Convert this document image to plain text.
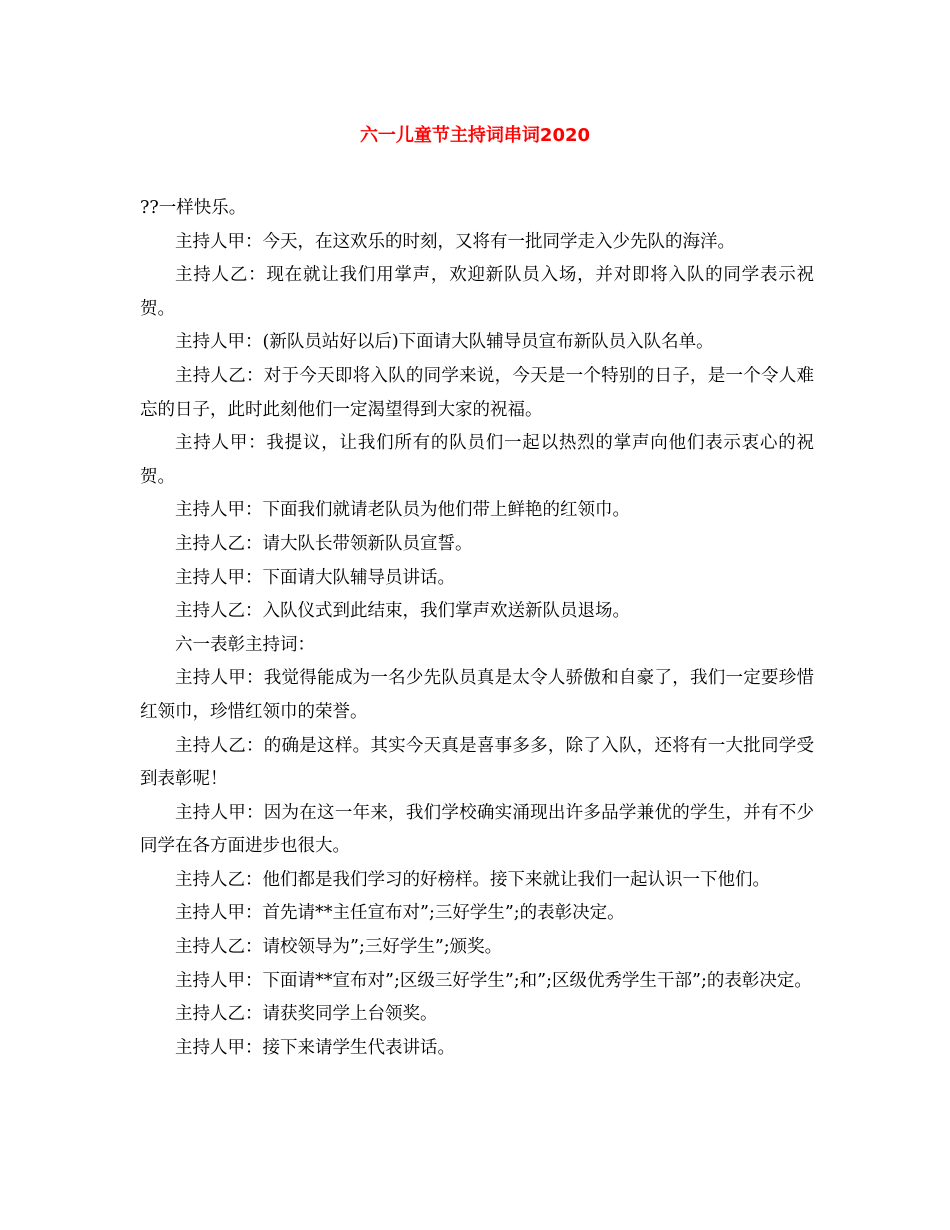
六一儿童节主持词串词2020

??一样快乐。

主持人甲：今天，在这欢乐的时刻，又将有一批同学走入少先队的海洋。

主持人乙：现在就让我们用掌声，欢迎新队员入场，并对即将入队的同学表示祝贺。

主持人甲：(新队员站好以后)下面请大队辅导员宣布新队员入队名单。

主持人乙：对于今天即将入队的同学来说，今天是一个特别的日子，是一个令人难忘的日子，此时此刻他们一定渴望得到大家的祝福。

主持人甲：我提议，让我们所有的队员们一起以热烈的掌声向他们表示衷心的祝贺。

主持人甲：下面我们就请老队员为他们带上鲜艳的红领巾。

主持人乙：请大队长带领新队员宣誓。

主持人甲：下面请大队辅导员讲话。

主持人乙：入队仪式到此结束，我们掌声欢送新队员退场。

六一表彰主持词：

主持人甲：我觉得能成为一名少先队员真是太令人骄傲和自豪了，我们一定要珍惜红领巾，珍惜红领巾的荣誉。

主持人乙：的确是这样。其实今天真是喜事多多，除了入队，还将有一大批同学受到表彰呢！

主持人甲：因为在这一年来，我们学校确实涌现出许多品学兼优的学生，并有不少同学在各方面进步也很大。

主持人乙：他们都是我们学习的好榜样。接下来就让我们一起认识一下他们。

主持人甲：首先请**主任宣布对”;三好学生”;的表彰决定。

主持人乙：请校领导为”;三好学生”;颁奖。

主持人甲：下面请**宣布对”;区级三好学生”;和”;区级优秀学生干部”;的表彰决定。

主持人乙：请获奖同学上台领奖。

主持人甲：接下来请学生代表讲话。
